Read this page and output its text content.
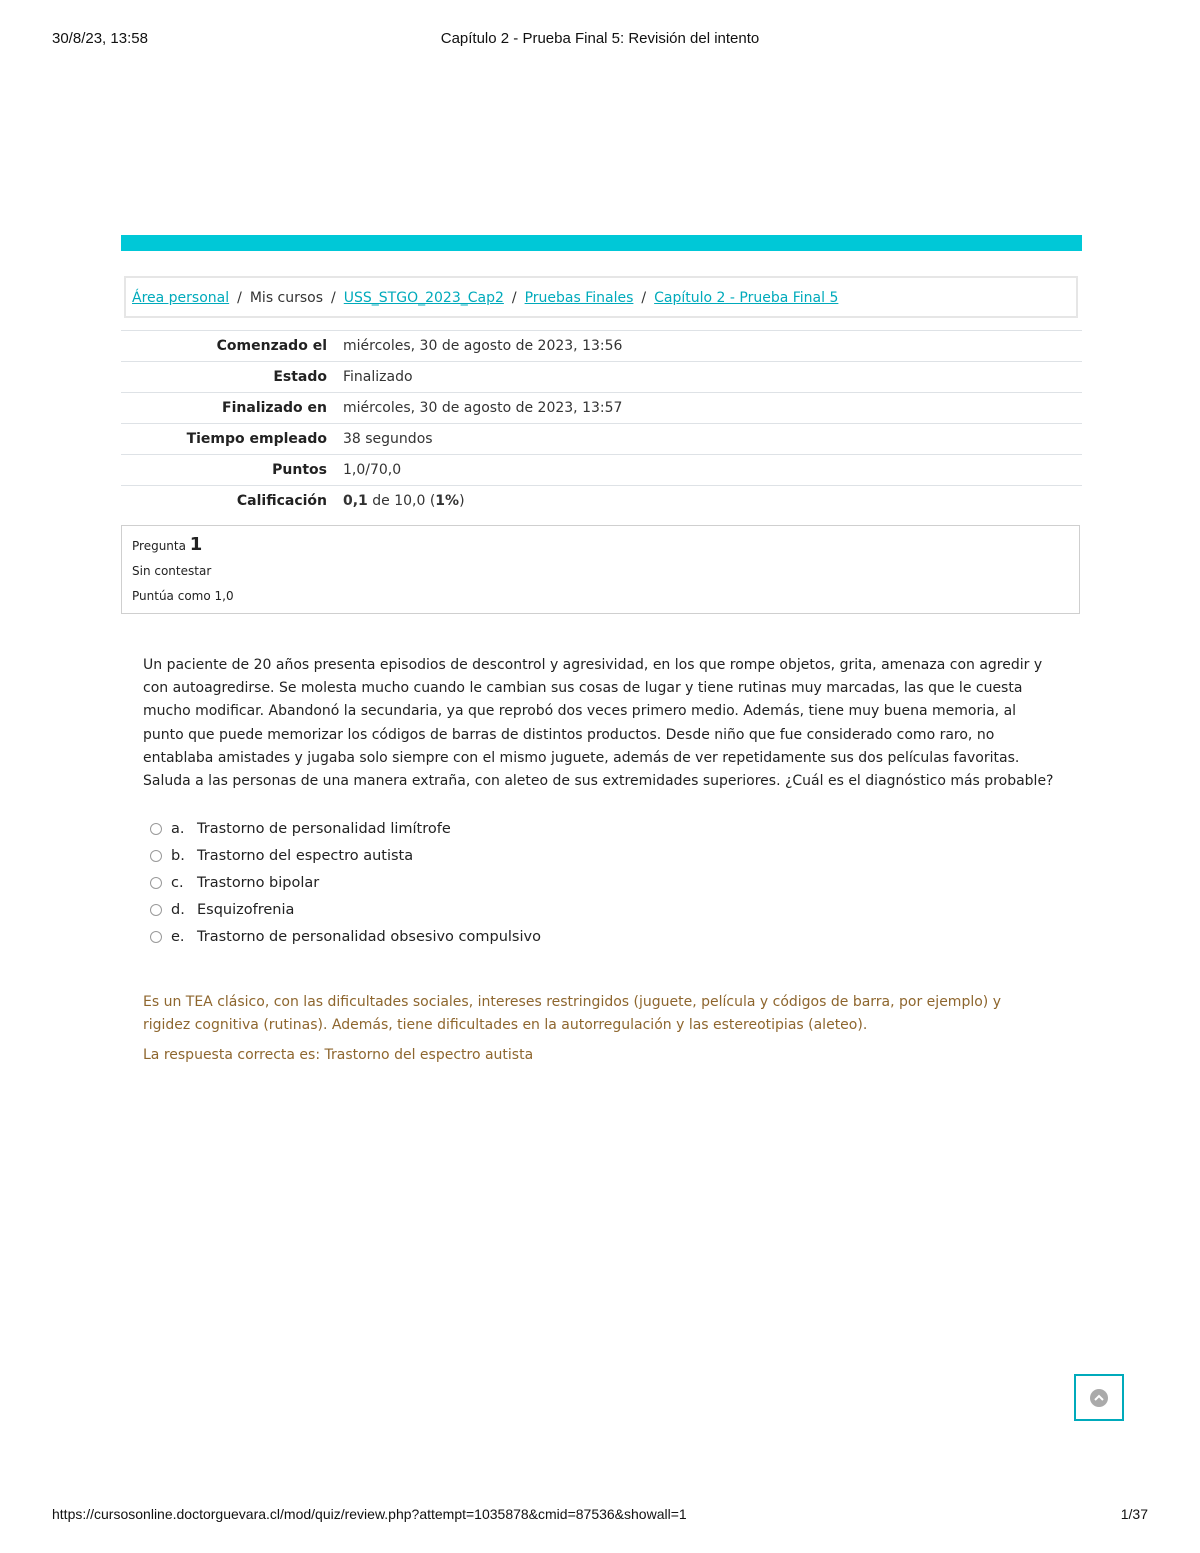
30/8/23, 13:58	Capítulo 2 - Prueba Final 5: Revisión del intento
Área personal / Mis cursos / USS_STGO_2023_Cap2 / Pruebas Finales / Capítulo 2 - Prueba Final 5
Comenzado el	miércoles, 30 de agosto de 2023, 13:56
Estado	Finalizado
Finalizado en	miércoles, 30 de agosto de 2023, 13:57
Tiempo empleado	38 segundos
Puntos	1,0/70,0
Calificación	0,1 de 10,0 (1%)
Pregunta 1
Sin contestar
Puntúa como 1,0
Un paciente de 20 años presenta episodios de descontrol y agresividad, en los que rompe objetos, grita, amenaza con agredir y con autoagredirse. Se molesta mucho cuando le cambian sus cosas de lugar y tiene rutinas muy marcadas, las que le cuesta mucho modificar. Abandonó la secundaria, ya que reprobó dos veces primero medio. Además, tiene muy buena memoria, al punto que puede memorizar los códigos de barras de distintos productos. Desde niño que fue considerado como raro, no entablaba amistades y jugaba solo siempre con el mismo juguete, además de ver repetidamente sus dos películas favoritas. Saluda a las personas de una manera extraña, con aleteo de sus extremidades superiores. ¿Cuál es el diagnóstico más probable?
a. Trastorno de personalidad limítrofe
b. Trastorno del espectro autista
c. Trastorno bipolar
d. Esquizofrenia
e. Trastorno de personalidad obsesivo compulsivo
Es un TEA clásico, con las dificultades sociales, intereses restringidos (juguete, película y códigos de barra, por ejemplo) y rigidez cognitiva (rutinas). Además, tiene dificultades en la autorregulación y las estereotipias (aleteo).
La respuesta correcta es: Trastorno del espectro autista
https://cursosonline.doctorguevara.cl/mod/quiz/review.php?attempt=1035878&cmid=87536&showall=1	1/37
